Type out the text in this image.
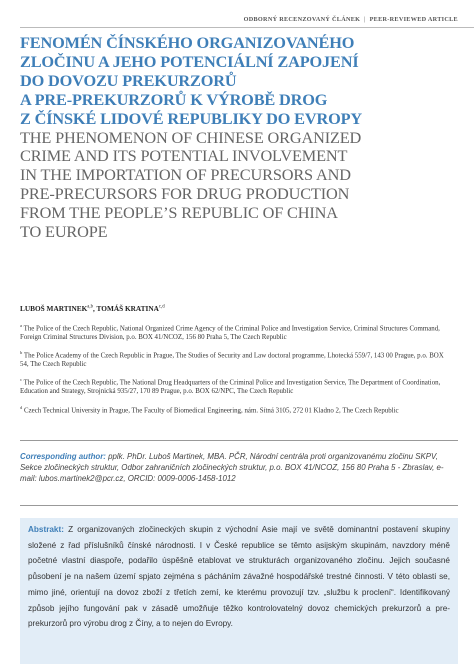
ODBORNÝ RECENZOVANÝ ČLÁNEK | PEER-REVIEWED ARTICLE
FENOMÉN ČÍNSKÉHO ORGANIZOVANÉHO
ZLOČINU A JEHO POTENCIÁLNÍ ZAPOJENÍ
DO DOVOZU PREKURZORŮ
A PRE-PREKURZORŮ K VÝROBĚ DROG
Z ČÍNSKÉ LIDOVÉ REPUBLIKY DO EVROPY
THE PHENOMENON OF CHINESE ORGANIZED
CRIME AND ITS POTENTIAL INVOLVEMENT
IN THE IMPORTATION OF PRECURSORS AND
PRE-PRECURSORS FOR DRUG PRODUCTION
FROM THE PEOPLE’S REPUBLIC OF CHINA
TO EUROPE
LUBOŠ MARTINEK$^{a,b}$, TOMÁŠ KRATINA$^{c,d}$
$^a$ The Police of the Czech Republic, National Organized Crime Agency of the Criminal Police and Investigation Service, Criminal Structures Command, Foreign Criminal Structures Division, p.o. BOX 41/NCOZ, 156 80 Praha 5, The Czech Republic
$^b$ The Police Academy of the Czech Republic in Prague, The Studies of Security and Law doctoral programme, Lhotecká 559/7, 143 00 Prague, p.o. BOX 54, The Czech Republic
$^c$ The Police of the Czech Republic, The National Drug Headquarters of the Criminal Police and Investigation Service, The Department of Coordination, Education and Strategy, Strojnická 935/27, 170 89 Prague, p.o. BOX 62/NPC, The Czech Republic
$^d$ Czech Technical University in Prague, The Faculty of Biomedical Engineering, nám. Sítná 3105, 272 01 Kladno 2, The Czech Republic
Corresponding author: pplk. PhDr. Luboš Martinek, MBA. PČR, Národní centrála proti organizovanému zločinu SKPV, Sekce zločineckých struktur, Odbor zahraničních zločineckých struktur, p.o. BOX 41/NCOZ, 156 80 Praha 5 - Zbraslav, e-mail: lubos.martinek2@pcr.cz, ORCID: 0009-0006-1458-1012
Abstrakt: Z organizovaných zločineckých skupin z východní Asie mají ve světě dominantní postavení skupiny složené z řad příslušníků čínské národnosti. I v České republice se těmto asijským skupinám, navzdory méně početné vlastní diaspoře, podařilo úspěšně etablovat ve strukturách organizovaného zločinu. Jejich současné působení je na našem území spjato zejména s pácháním závažné hospodářské trestné činnosti. V této oblasti se, mimo jiné, orientují na dovoz zboží z třetích zemí, ke kterému provozují tzv. „službu k proclení“. Identifikovaný způsob jejího fungování pak v zásadě umožňuje těžko kontrolovatelný dovoz chemických prekurzorů a pre-prekurzorů pro výrobu drog z Číny, a to nejen do Evropy.
